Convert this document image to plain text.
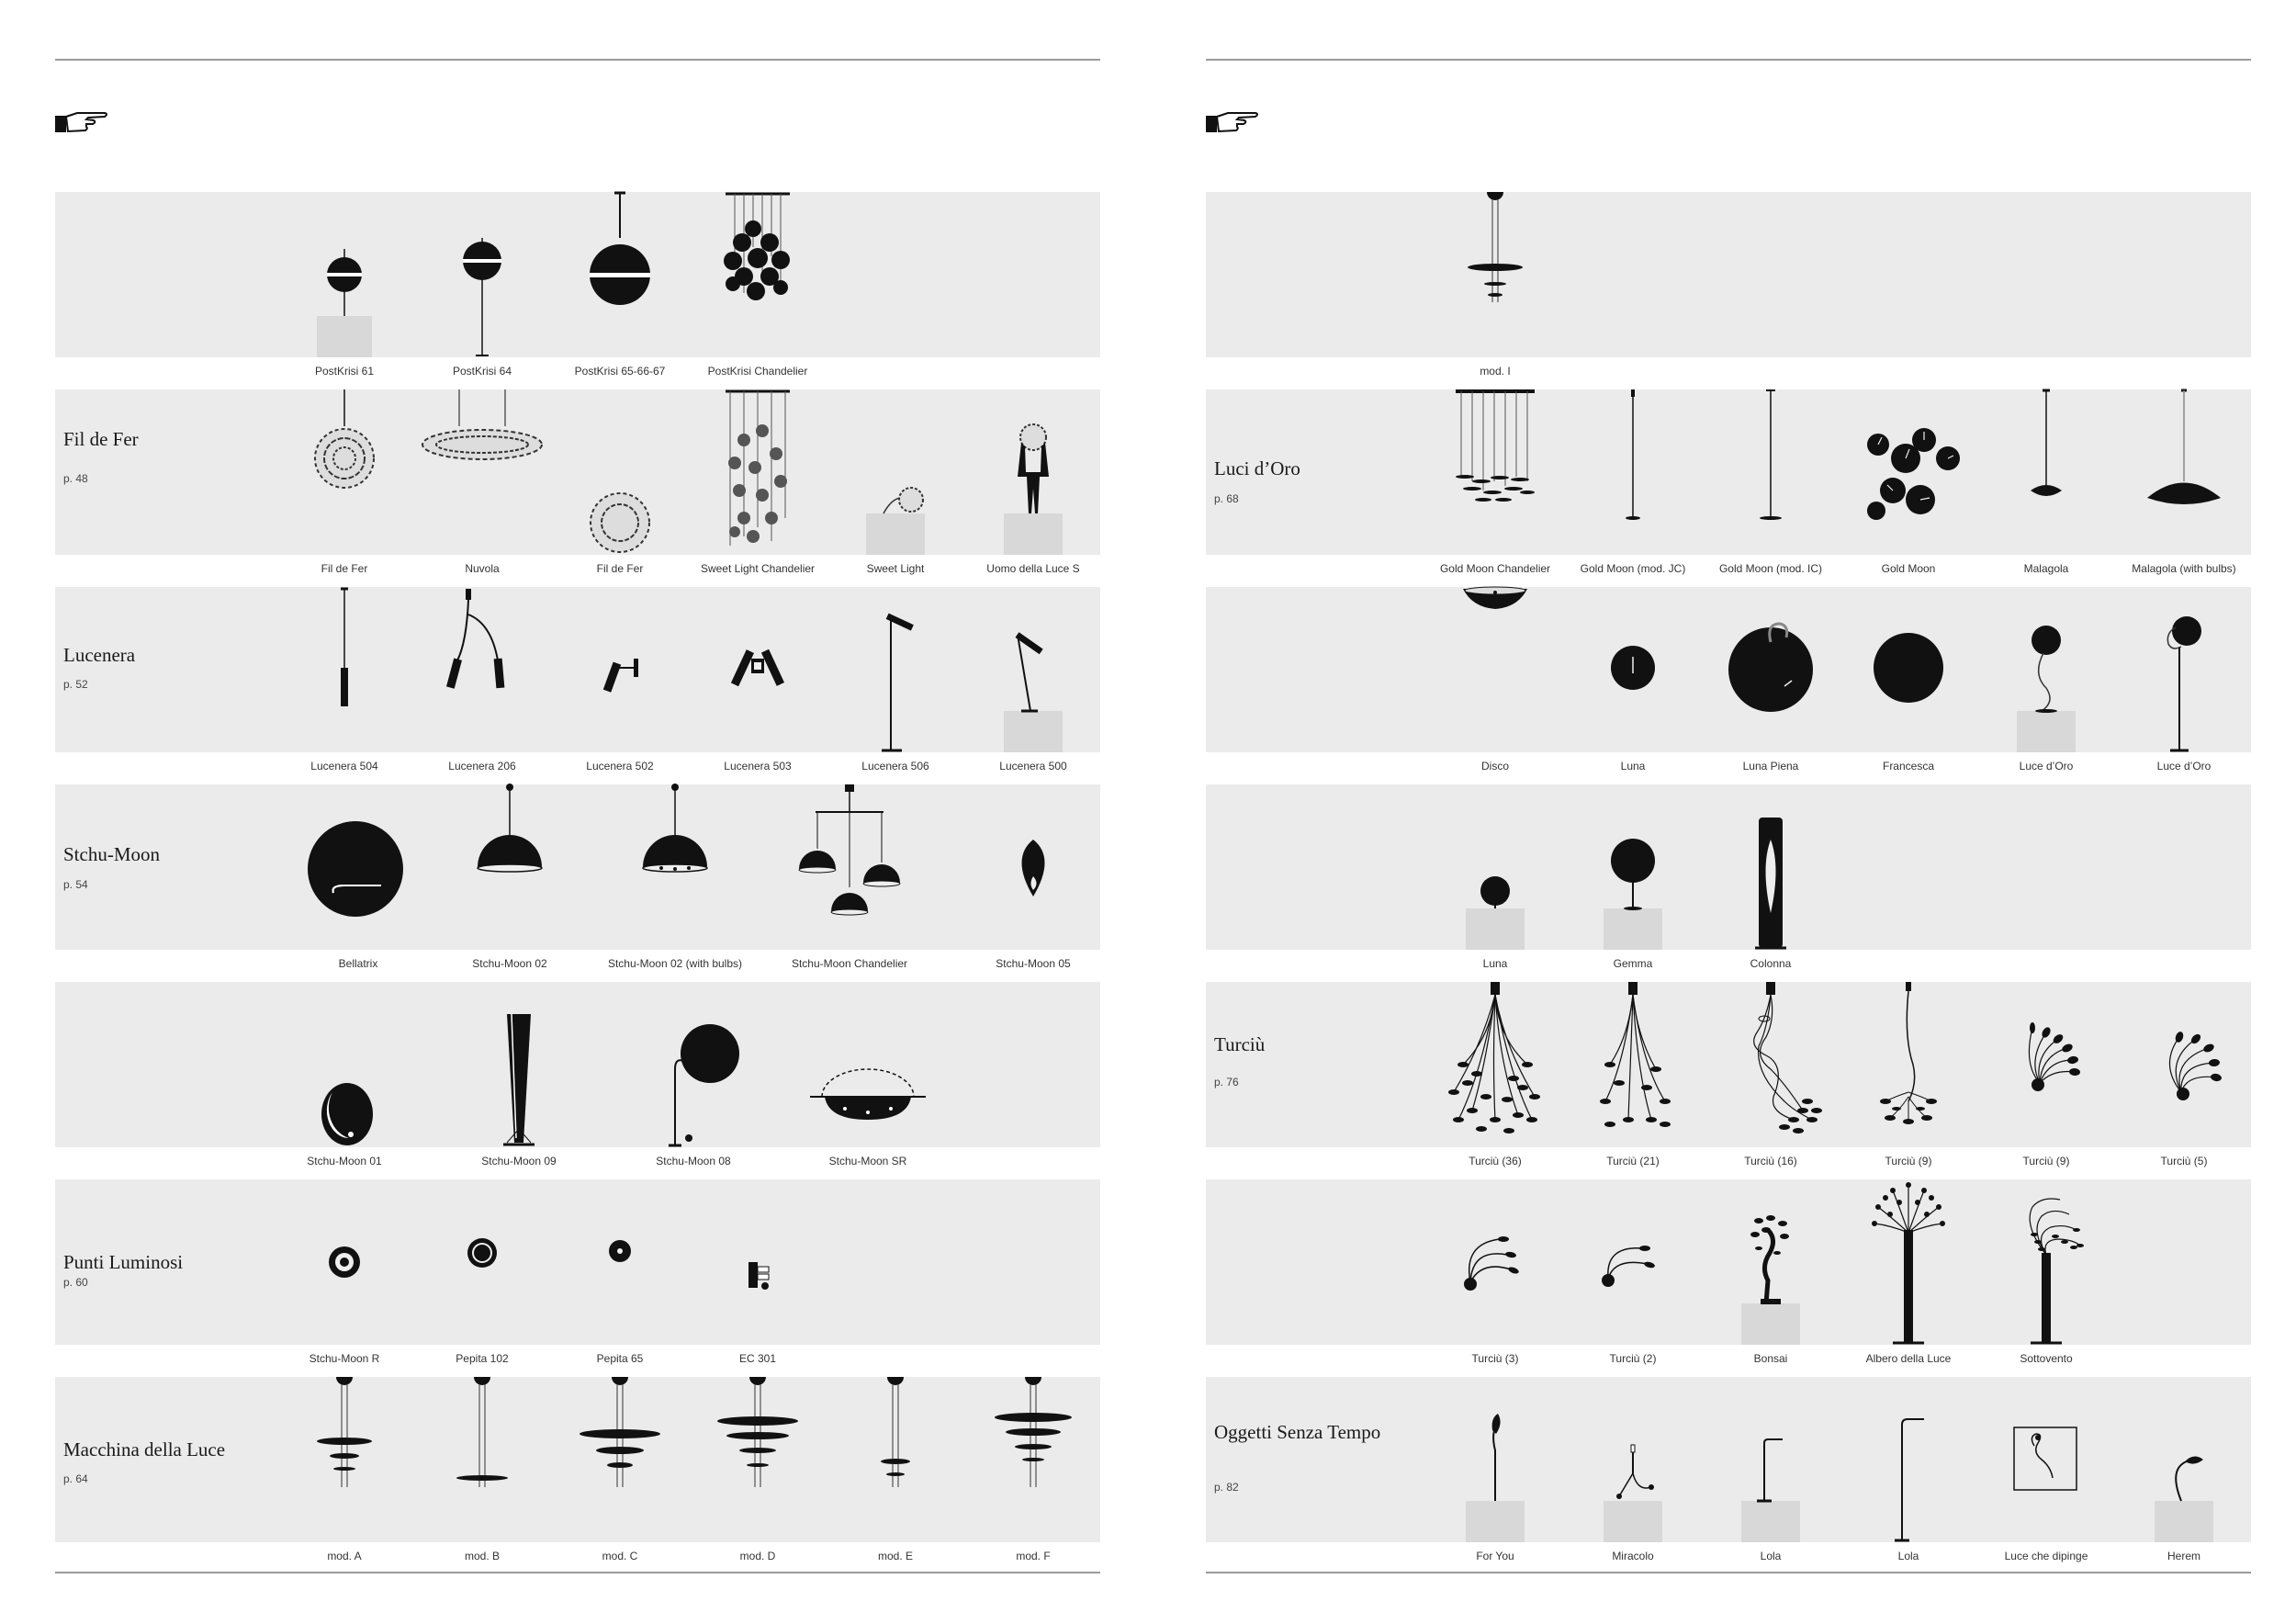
PostKrisi 61	PostKrisi 64	PostKrisi 65-66-67	PostKrisi Chandelier
Fil de Fer
p. 48
Fil de Fer	Nuvola	Fil de Fer	Sweet Light Chandelier	Sweet Light	Uomo della Luce S
Lucenera
p. 52
Lucenera 504	Lucenera 206	Lucenera 502	Lucenera 503	Lucenera 506	Lucenera 500
Stchu-Moon
p. 54
Bellatrix	Stchu-Moon 02	Stchu-Moon 02 (with bulbs)	Stchu-Moon Chandelier	Stchu-Moon 05
Stchu-Moon 01	Stchu-Moon 09	Stchu-Moon 08	Stchu-Moon SR
Punti Luminosi
p. 60
Stchu-Moon R	Pepita 102	Pepita 65	EC 301
Macchina della Luce
p. 64
mod. A	mod. B	mod. C	mod. D	mod. E	mod. F
mod. I
Luci d’Oro
p. 68
Gold Moon Chandelier	Gold Moon (mod. JC)	Gold Moon (mod. IC)	Gold Moon	Malagola	Malagola (with bulbs)
Disco	Luna	Luna Piena	Francesca	Luce d’Oro	Luce d’Oro
Luna	Gemma	Colonna
Turciù
p. 76
Turciù (36)	Turciù (21)	Turciù (16)	Turciù (9)	Turciù (9)	Turciù (5)
Turciù (3)	Turciù (2)	Bonsai	Albero della Luce	Sottovento
Oggetti Senza Tempo
p. 82
For You	Miracolo	Lola	Lola	Luce che dipinge	Herem
